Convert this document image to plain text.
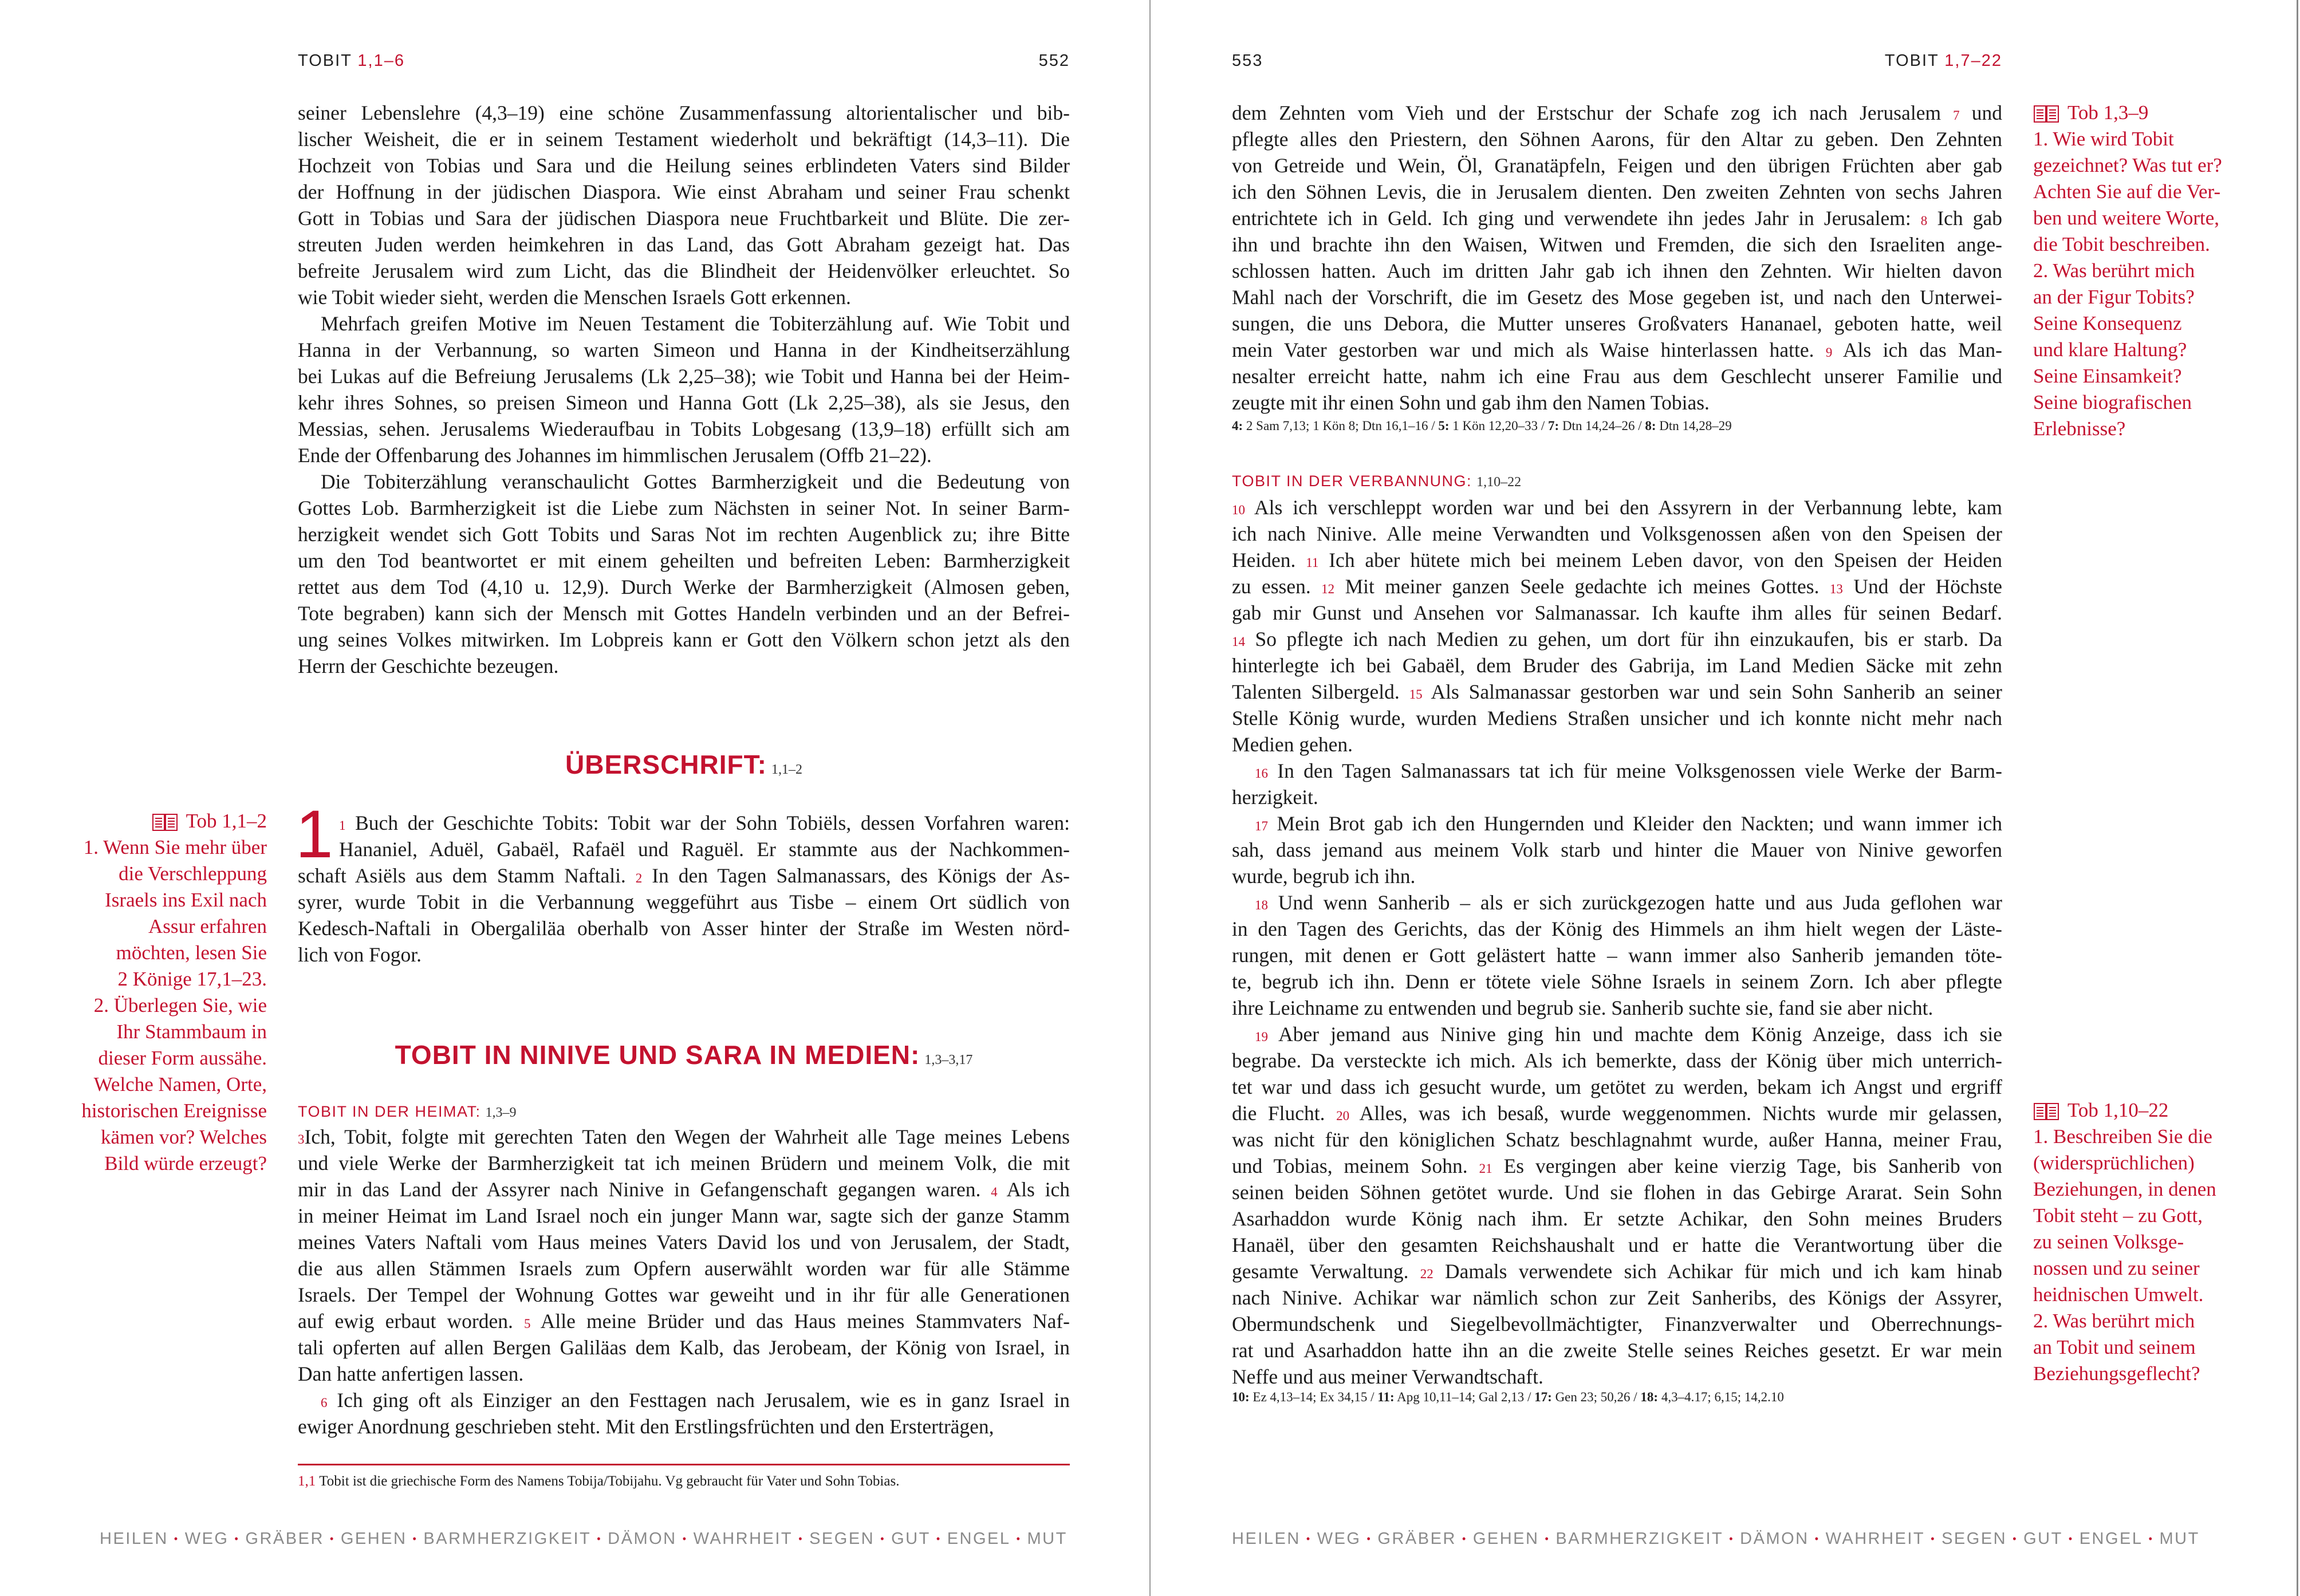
TOBIT 1,1–6	552
seiner Lebenslehre (4,3–19) eine schöne Zusammenfassung altorientalischer und bib-
lischer Weisheit, die er in seinem Testament wiederholt und bekräftigt (14,3–11). Die
Hochzeit von Tobias und Sara und die Heilung seines erblindeten Vaters sind Bilder
der Hoffnung in der jüdischen Diaspora. Wie einst Abraham und seiner Frau schenkt
Gott in Tobias und Sara der jüdischen Diaspora neue Fruchtbarkeit und Blüte. Die zer-
streuten Juden werden heimkehren in das Land, das Gott Abraham gezeigt hat. Das
befreite Jerusalem wird zum Licht, das die Blindheit der Heidenvölker erleuchtet. So
wie Tobit wieder sieht, werden die Menschen Israels Gott erkennen.
Mehrfach greifen Motive im Neuen Testament die Tobiterzählung auf. Wie Tobit und
Hanna in der Verbannung, so warten Simeon und Hanna in der Kindheitserzählung
bei Lukas auf die Befreiung Jerusalems (Lk 2,25–38); wie Tobit und Hanna bei der Heim-
kehr ihres Sohnes, so preisen Simeon und Hanna Gott (Lk 2,25–38), als sie Jesus, den
Messias, sehen. Jerusalems Wiederaufbau in Tobits Lobgesang (13,9–18) erfüllt sich am
Ende der Offenbarung des Johannes im himmlischen Jerusalem (Offb 21–22).
Die Tobiterzählung veranschaulicht Gottes Barmherzigkeit und die Bedeutung von
Gottes Lob. Barmherzigkeit ist die Liebe zum Nächsten in seiner Not. In seiner Barm-
herzigkeit wendet sich Gott Tobits und Saras Not im rechten Augenblick zu; ihre Bitte
um den Tod beantwortet er mit einem geheilten und befreiten Leben: Barmherzigkeit
rettet aus dem Tod (4,10 u. 12,9). Durch Werke der Barmherzigkeit (Almosen geben,
Tote begraben) kann sich der Mensch mit Gottes Handeln verbinden und an der Befrei-
ung seines Volkes mitwirken. Im Lobpreis kann er Gott den Völkern schon jetzt als den
Herrn der Geschichte bezeugen.
ÜBERSCHRIFT: 1,1–2
1 1 Buch der Geschichte Tobits: Tobit war der Sohn Tobiëls, dessen Vorfahren waren:
Hananiel, Aduël, Gabaël, Rafaël und Raguël. Er stammte aus der Nachkommen-
schaft Asiëls aus dem Stamm Naftali. 2 In den Tagen Salmanassars, des Königs der As-
syrer, wurde Tobit in die Verbannung weggeführt aus Tisbe – einem Ort südlich von
Kedesch-Naftali in Obergaliläa oberhalb von Asser hinter der Straße im Westen nörd-
lich von Fogor.
TOBIT IN NINIVE UND SARA IN MEDIEN: 1,3–3,17
TOBIT IN DER HEIMAT: 1,3–9
3Ich, Tobit, folgte mit gerechten Taten den Wegen der Wahrheit alle Tage meines Lebens
und viele Werke der Barmherzigkeit tat ich meinen Brüdern und meinem Volk, die mit
mir in das Land der Assyrer nach Ninive in Gefangenschaft gegangen waren. 4 Als ich
in meiner Heimat im Land Israel noch ein junger Mann war, sagte sich der ganze Stamm
meines Vaters Naftali vom Haus meines Vaters David los und von Jerusalem, der Stadt,
die aus allen Stämmen Israels zum Opfern auserwählt worden war für alle Stämme
Israels. Der Tempel der Wohnung Gottes war geweiht und in ihr für alle Generationen
auf ewig erbaut worden. 5 Alle meine Brüder und das Haus meines Stammvaters Naf-
tali opferten auf allen Bergen Galiläas dem Kalb, das Jerobeam, der König von Israel, in
Dan hatte anfertigen lassen.
6 Ich ging oft als Einziger an den Festtagen nach Jerusalem, wie es in ganz Israel in
ewiger Anordnung geschrieben steht. Mit den Erstlingsfrüchten und den Ersterträgen,
1,1 Tobit ist die griechische Form des Namens Tobija/Tobijahu. Vg gebraucht für Vater und Sohn Tobias.
Tob 1,1–2
1. Wenn Sie mehr über
die Verschleppung
Israels ins Exil nach
Assur erfahren
möchten, lesen Sie
2 Könige 17,1–23.
2. Überlegen Sie, wie
Ihr Stammbaum in
dieser Form aussähe.
Welche Namen, Orte,
historischen Ereignisse
kämen vor? Welches
Bild würde erzeugt?
HEILEN • WEG • GRÄBER • GEHEN • BARMHERZIGKEIT • DÄMON • WAHRHEIT • SEGEN • GUT • ENGEL • MUT
553	TOBIT 1,7–22
dem Zehnten vom Vieh und der Erstschur der Schafe zog ich nach Jerusalem 7 und
pflegte alles den Priestern, den Söhnen Aarons, für den Altar zu geben. Den Zehnten
von Getreide und Wein, Öl, Granatäpfeln, Feigen und den übrigen Früchten aber gab
ich den Söhnen Levis, die in Jerusalem dienten. Den zweiten Zehnten von sechs Jahren
entrichtete ich in Geld. Ich ging und verwendete ihn jedes Jahr in Jerusalem: 8 Ich gab
ihn und brachte ihn den Waisen, Witwen und Fremden, die sich den Israeliten ange-
schlossen hatten. Auch im dritten Jahr gab ich ihnen den Zehnten. Wir hielten davon
Mahl nach der Vorschrift, die im Gesetz des Mose gegeben ist, und nach den Unterwei-
sungen, die uns Debora, die Mutter unseres Großvaters Hananael, geboten hatte, weil
mein Vater gestorben war und mich als Waise hinterlassen hatte. 9 Als ich das Man-
nesalter erreicht hatte, nahm ich eine Frau aus dem Geschlecht unserer Familie und
zeugte mit ihr einen Sohn und gab ihm den Namen Tobias.
4: 2 Sam 7,13; 1 Kön 8; Dtn 16,1–16 / 5: 1 Kön 12,20–33 / 7: Dtn 14,24–26 / 8: Dtn 14,28–29
TOBIT IN DER VERBANNUNG: 1,10–22
10 Als ich verschleppt worden war und bei den Assyrern in der Verbannung lebte, kam
ich nach Ninive. Alle meine Verwandten und Volksgenossen aßen von den Speisen der
Heiden. 11 Ich aber hütete mich bei meinem Leben davor, von den Speisen der Heiden
zu essen. 12 Mit meiner ganzen Seele gedachte ich meines Gottes. 13 Und der Höchste
gab mir Gunst und Ansehen vor Salmanassar. Ich kaufte ihm alles für seinen Bedarf.
14 So pflegte ich nach Medien zu gehen, um dort für ihn einzukaufen, bis er starb. Da
hinterlegte ich bei Gabaël, dem Bruder des Gabrija, im Land Medien Säcke mit zehn
Talenten Silbergeld. 15 Als Salmanassar gestorben war und sein Sohn Sanherib an seiner
Stelle König wurde, wurden Mediens Straßen unsicher und ich konnte nicht mehr nach
Medien gehen.
16 In den Tagen Salmanassars tat ich für meine Volksgenossen viele Werke der Barm-
herzigkeit.
17 Mein Brot gab ich den Hungernden und Kleider den Nackten; und wann immer ich
sah, dass jemand aus meinem Volk starb und hinter die Mauer von Ninive geworfen
wurde, begrub ich ihn.
18 Und wenn Sanherib – als er sich zurückgezogen hatte und aus Juda geflohen war
in den Tagen des Gerichts, das der König des Himmels an ihm hielt wegen der Läste-
rungen, mit denen er Gott gelästert hatte – wann immer also Sanherib jemanden töte-
te, begrub ich ihn. Denn er tötete viele Söhne Israels in seinem Zorn. Ich aber pflegte
ihre Leichname zu entwenden und begrub sie. Sanherib suchte sie, fand sie aber nicht.
19 Aber jemand aus Ninive ging hin und machte dem König Anzeige, dass ich sie
begrabe. Da versteckte ich mich. Als ich bemerkte, dass der König über mich unterrich-
tet war und dass ich gesucht wurde, um getötet zu werden, bekam ich Angst und ergriff
die Flucht. 20 Alles, was ich besaß, wurde weggenommen. Nichts wurde mir gelassen,
was nicht für den königlichen Schatz beschlagnahmt wurde, außer Hanna, meiner Frau,
und Tobias, meinem Sohn. 21 Es vergingen aber keine vierzig Tage, bis Sanherib von
seinen beiden Söhnen getötet wurde. Und sie flohen in das Gebirge Ararat. Sein Sohn
Asarhaddon wurde König nach ihm. Er setzte Achikar, den Sohn meines Bruders
Hanaël, über den gesamten Reichshaushalt und er hatte die Verantwortung über die
gesamte Verwaltung. 22 Damals verwendete sich Achikar für mich und ich kam hinab
nach Ninive. Achikar war nämlich schon zur Zeit Sanheribs, des Königs der Assyrer,
Obermundschenk und Siegelbevollmächtigter, Finanzverwalter und Oberrechnungs-
rat und Asarhaddon hatte ihn an die zweite Stelle seines Reiches gesetzt. Er war mein
Neffe und aus meiner Verwandtschaft.
10: Ez 4,13–14; Ex 34,15 / 11: Apg 10,11–14; Gal 2,13 / 17: Gen 23; 50,26 / 18: 4,3–4.17; 6,15; 14,2.10
Tob 1,3–9
1. Wie wird Tobit
gezeichnet? Was tut er?
Achten Sie auf die Ver-
ben und weitere Worte,
die Tobit beschreiben.
2. Was berührt mich
an der Figur Tobits?
Seine Konsequenz
und klare Haltung?
Seine Einsamkeit?
Seine biografischen
Erlebnisse?
Tob 1,10–22
1. Beschreiben Sie die
(widersprüchlichen)
Beziehungen, in denen
Tobit steht – zu Gott,
zu seinen Volksge-
nossen und zu seiner
heidnischen Umwelt.
2. Was berührt mich
an Tobit und seinem
Beziehungsgeflecht?
HEILEN • WEG • GRÄBER • GEHEN • BARMHERZIGKEIT • DÄMON • WAHRHEIT • SEGEN • GUT • ENGEL • MUT
